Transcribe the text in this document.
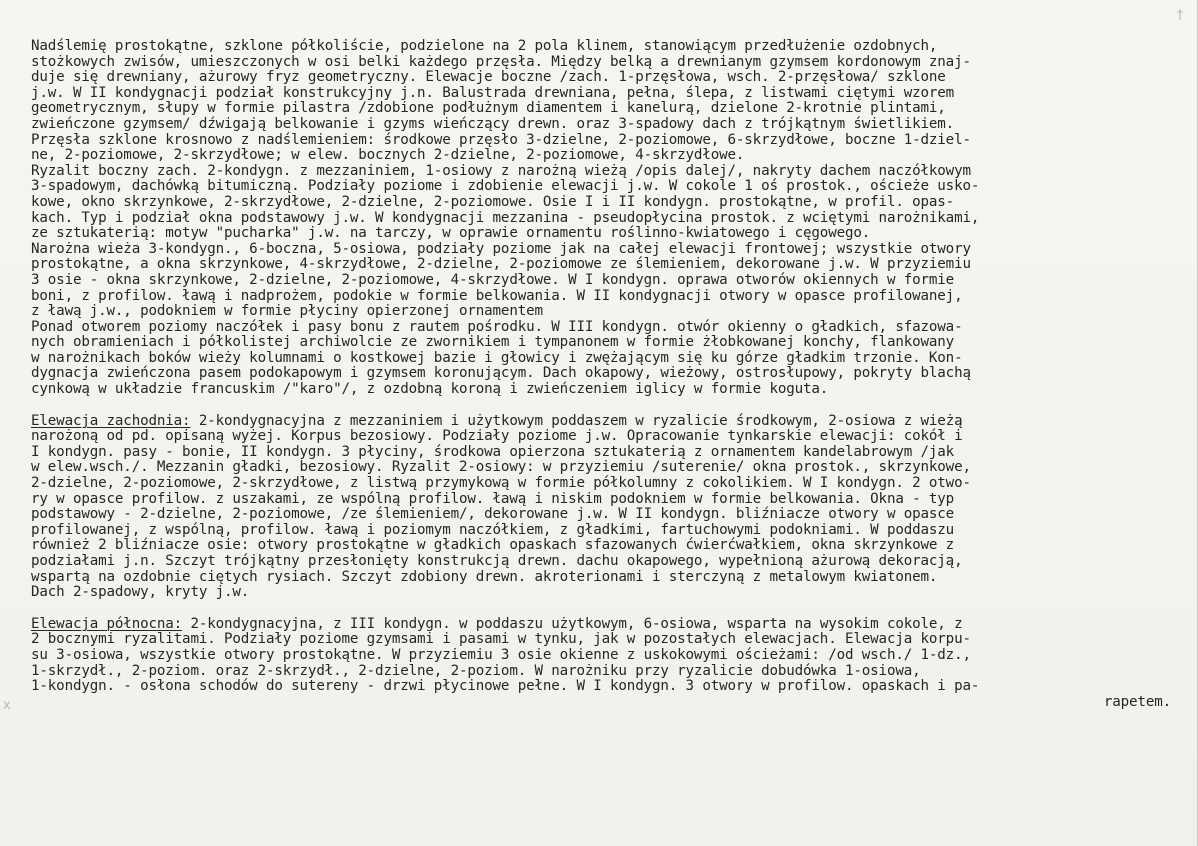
†
x
Nadślemię prostokątne, szklone półkoliście, podzielone na 2 pola klinem, stanowiącym przedłużenie ozdobnych,
stożkowych zwisów, umieszczonych w osi belki każdego przęsła. Między belką a drewnianym gzymsem kordonowym znaj-
duje się drewniany, ażurowy fryz geometryczny. Elewacje boczne /zach. 1-przęsłowa, wsch. 2-przęsłowa/ szklone
j.w. W II kondygnacji podział konstrukcyjny j.n. Balustrada drewniana, pełna, ślepa, z listwami ciętymi wzorem
geometrycznym, słupy w formie pilastra /zdobione podłużnym diamentem i kanelurą, dzielone 2-krotnie plintami,
zwieńczone gzymsem/ dźwigają belkowanie i gzyms wieńczący drewn. oraz 3-spadowy dach z trójkątnym świetlikiem.
Przęsła szklone krosnowo z nadślemieniem: środkowe przęsło 3-dzielne, 2-poziomowe, 6-skrzydłowe, boczne 1-dziel-
ne, 2-poziomowe, 2-skrzydłowe; w elew. bocznych 2-dzielne, 2-poziomowe, 4-skrzydłowe.
Ryzalit boczny zach. 2-kondygn. z mezzaniniem, 1-osiowy z narożną wieżą /opis dalej/, nakryty dachem naczółkowym
3-spadowym, dachówką bitumiczną. Podziały poziome i zdobienie elewacji j.w. W cokole 1 oś prostok., ościeże usko-
kowe, okno skrzynkowe, 2-skrzydłowe, 2-dzielne, 2-poziomowe. Osie I i II kondygn. prostokątne, w profil. opas-
kach. Typ i podział okna podstawowy j.w. W kondygnacji mezzanina - pseudopłycina prostok. z wciętymi narożnikami,
ze sztukaterią: motyw "pucharka" j.w. na tarczy, w oprawie ornamentu roślinno-kwiatowego i cęgowego.
Narożna wieża 3-kondygn., 6-boczna, 5-osiowa, podziały poziome jak na całej elewacji frontowej; wszystkie otwory
prostokątne, a okna skrzynkowe, 4-skrzydłowe, 2-dzielne, 2-poziomowe ze ślemieniem, dekorowane j.w. W przyziemiu
3 osie - okna skrzynkowe, 2-dzielne, 2-poziomowe, 4-skrzydłowe. W I kondygn. oprawa otworów okiennych w formie
boni, z profilow. ławą i nadprożem, podokie w formie belkowania. W II kondygnacji otwory w opasce profilowanej,
z ławą j.w., podokniem w formie płyciny opierzonej ornamentem
Ponad otworem poziomy naczółek i pasy bonu z rautem pośrodku. W III kondygn. otwór okienny o gładkich, sfazowa-
nych obramieniach i półkolistej archiwolcie ze zwornikiem i tympanonem w formie żłobkowanej konchy, flankowany
w narożnikach boków wieży kolumnami o kostkowej bazie i głowicy i zwężającym się ku górze gładkim trzonie. Kon-
dygnacja zwieńczona pasem podokapowym i gzymsem koronującym. Dach okapowy, wieżowy, ostrosłupowy, pokryty blachą
cynkową w układzie francuskim /"karo"/, z ozdobną koroną i zwieńczeniem iglicy w formie koguta.
Elewacja zachodnia: 2-kondygnacyjna z mezzaniniem i użytkowym poddaszem w ryzalicie środkowym, 2-osiowa z wieżą
narożoną od pd. opisaną wyżej. Korpus bezosiowy. Podziały poziome j.w. Opracowanie tynkarskie elewacji: cokół i
I kondygn. pasy - bonie, II kondygn. 3 płyciny, środkowa opierzona sztukaterią z ornamentem kandelabrowym /jak
w elew.wsch./. Mezzanin gładki, bezosiowy. Ryzalit 2-osiowy: w przyziemiu /suterenie/ okna prostok., skrzynkowe,
2-dzielne, 2-poziomowe, 2-skrzydłowe, z listwą przymykową w formie półkolumny z cokolikiem. W I kondygn. 2 otwo-
ry w opasce profilow. z uszakami, ze wspólną profilow. ławą i niskim podokniem w formie belkowania. Okna - typ
podstawowy - 2-dzielne, 2-poziomowe, /ze ślemieniem/, dekorowane j.w. W II kondygn. bliźniacze otwory w opasce
profilowanej, z wspólną, profilow. ławą i poziomym naczółkiem, z gładkimi, fartuchowymi podokniami. W poddaszu
również 2 bliźniacze osie: otwory prostokątne w gładkich opaskach sfazowanych ćwierćwałkiem, okna skrzynkowe z
podziałami j.n. Szczyt trójkątny przesłonięty konstrukcją drewn. dachu okapowego, wypełnioną ażurową dekoracją,
wspartą na ozdobnie ciętych rysiach. Szczyt zdobiony drewn. akroterionami i sterczyną z metalowym kwiatonem.
Dach 2-spadowy, kryty j.w.
Elewacja północna: 2-kondygnacyjna, z III kondygn. w poddaszu użytkowym, 6-osiowa, wsparta na wysokim cokole, z
2 bocznymi ryzalitami. Podziały poziome gzymsami i pasami w tynku, jak w pozostałych elewacjach. Elewacja korpu-
su 3-osiowa, wszystkie otwory prostokątne. W przyziemiu 3 osie okienne z uskokowymi ościeżami: /od wsch./ 1-dz.,
1-skrzydł., 2-poziom. oraz 2-skrzydł., 2-dzielne, 2-poziom. W narożniku przy ryzalicie dobudówka 1-osiowa,
1-kondygn. - osłona schodów do sutereny - drzwi płycinowe pełne. W I kondygn. 3 otwory w profilow. opaskach i pa-
rapetem.
